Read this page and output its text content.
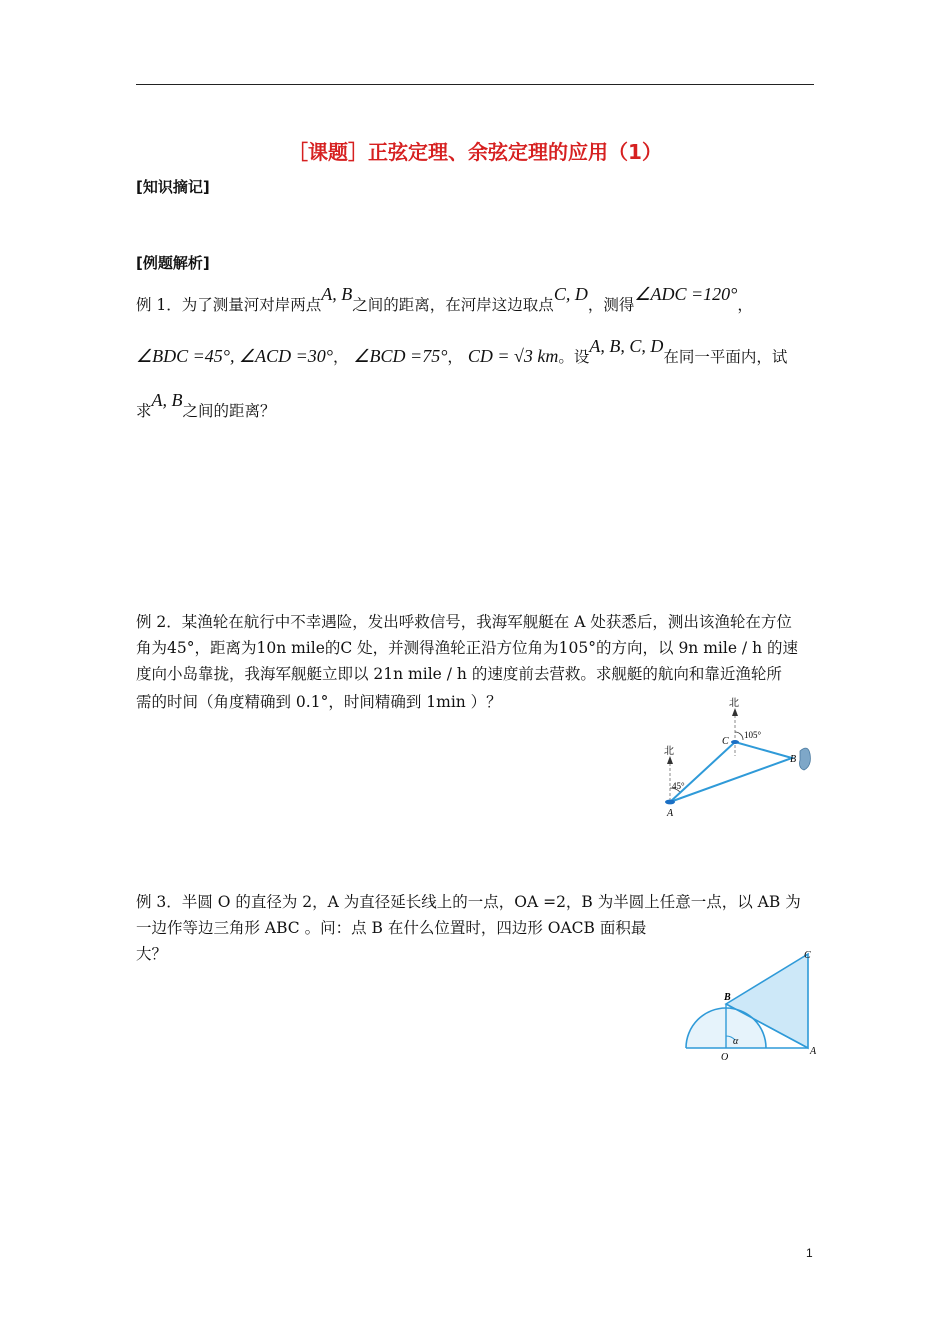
［课题］正弦定理、余弦定理的应用（1）
[知识摘记]
[例题解析]
例 1．为了测量河对岸两点A, B之间的距离，在河岸这边取点C, D，测得∠ADC =120°，
∠BDC =45°, ∠ACD =30°， ∠BCD =75°， CD = √3 km。设A, B, C, D在同一平面内，试
求A, B之间的距离？
例 2．某渔轮在航行中不幸遇险，发出呼救信号，我海军舰艇在 A 处获悉后，测出该渔轮在方位
角为45°，距离为10n mile的C 处，并测得渔轮正沿方位角为105°的方向，以 9n mile / h 的速
度向小岛靠拢，我海军舰艇立即以 21n mile / h 的速度前去营救。求舰艇的航向和靠近渔轮所
需的时间（角度精确到 0.1°，时间精确到 1min ）？	北
北
105°
45°
A
B
C
例 3．半圆 O 的直径为 2，A 为直径延长线上的一点，OA =2，B 为半圆上任意一点，以 AB 为
一边作等边三角形 ABC 。问：点 B 在什么位置时，四边形 OACB 面积最
大？
B
C
A
O
α
1
